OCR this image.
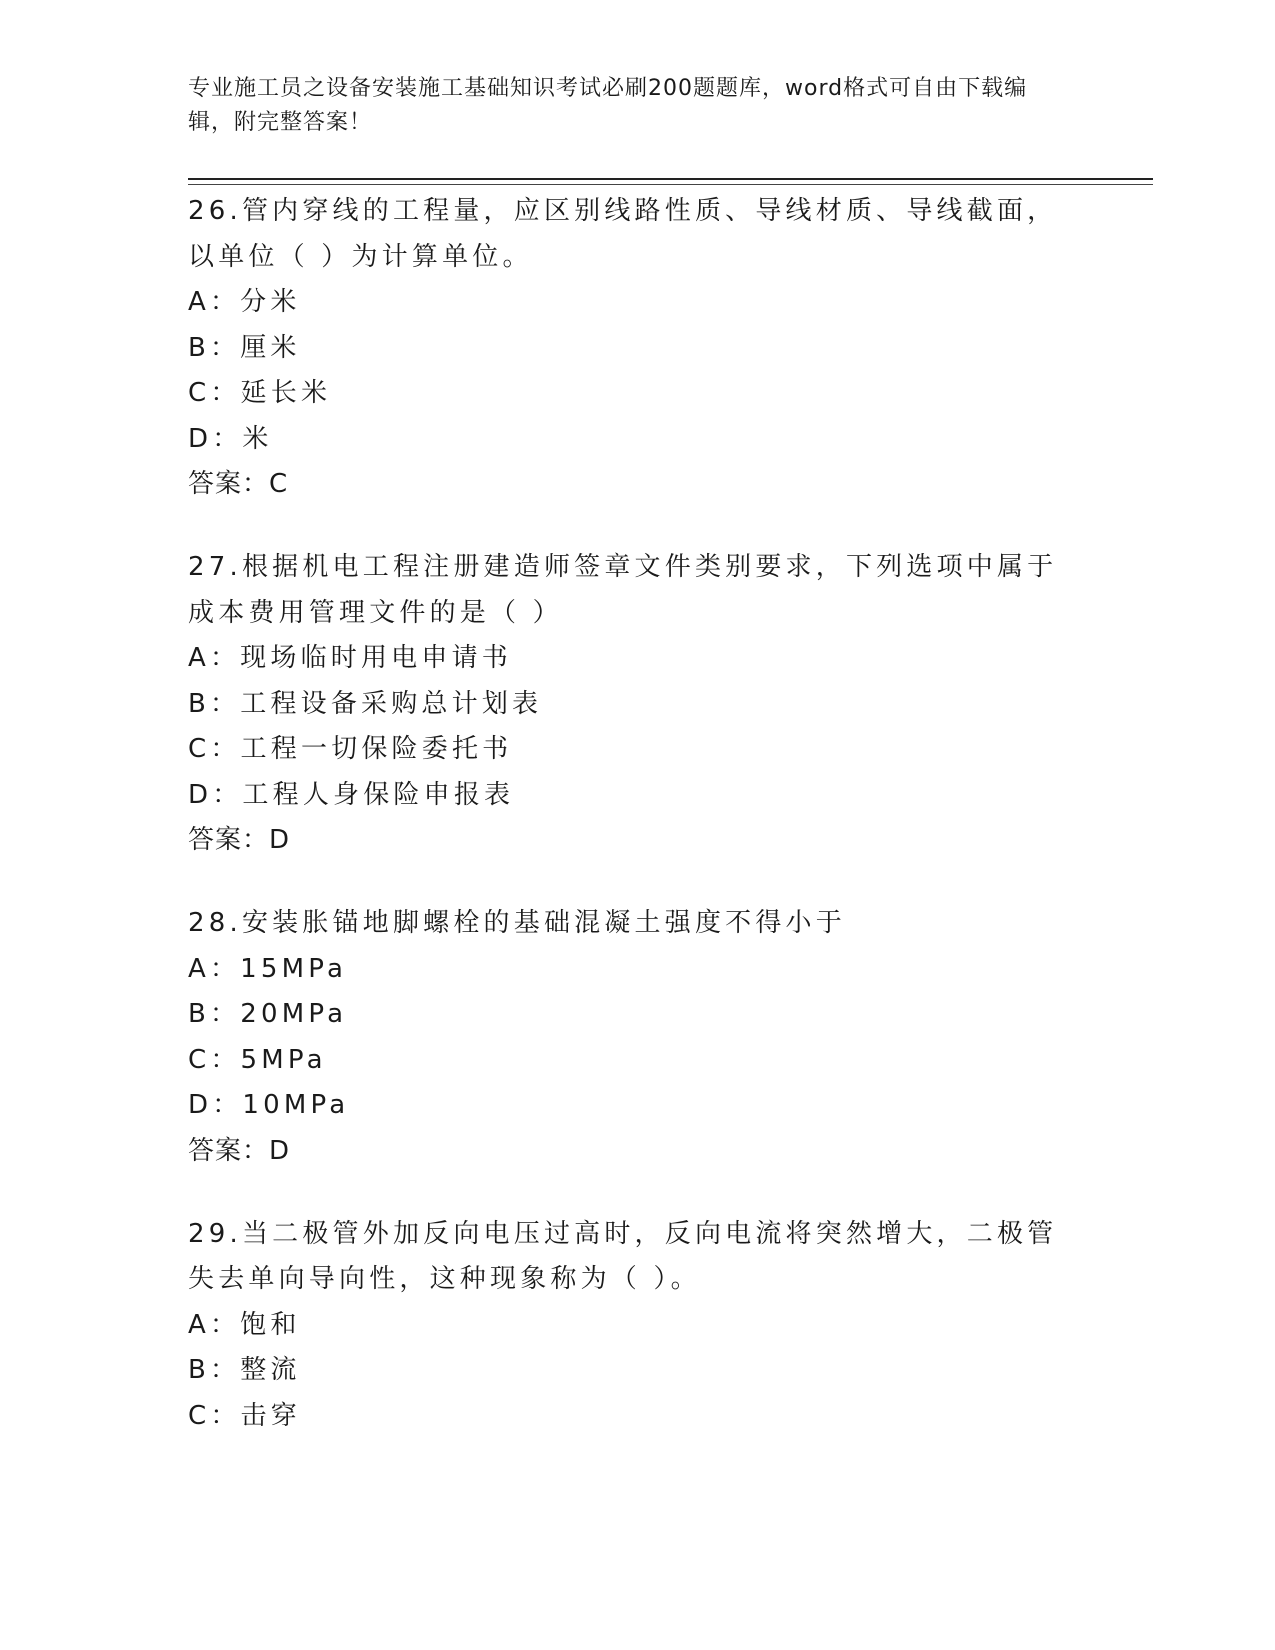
专业施工员之设备安装施工基础知识考试必刷200题题库，word格式可自由下载编辑，附完整答案！

26.管内穿线的工程量，应区别线路性质、导线材质、导线截面，以单位（ ）为计算单位。

A：分米

B：厘米

C：延长米

D：米

答案：C

27.根据机电工程注册建造师签章文件类别要求，下列选项中属于成本费用管理文件的是（ ）

A：现场临时用电申请书

B：工程设备采购总计划表

C：工程一切保险委托书

D：工程人身保险申报表

答案：D

28.安装胀锚地脚螺栓的基础混凝土强度不得小于

A：15MPa

B：20MPa

C：5MPa

D：10MPa

答案：D

29.当二极管外加反向电压过高时，反向电流将突然增大，二极管失去单向导向性，这种现象称为（ ）。

A：饱和

B：整流

C：击穿
